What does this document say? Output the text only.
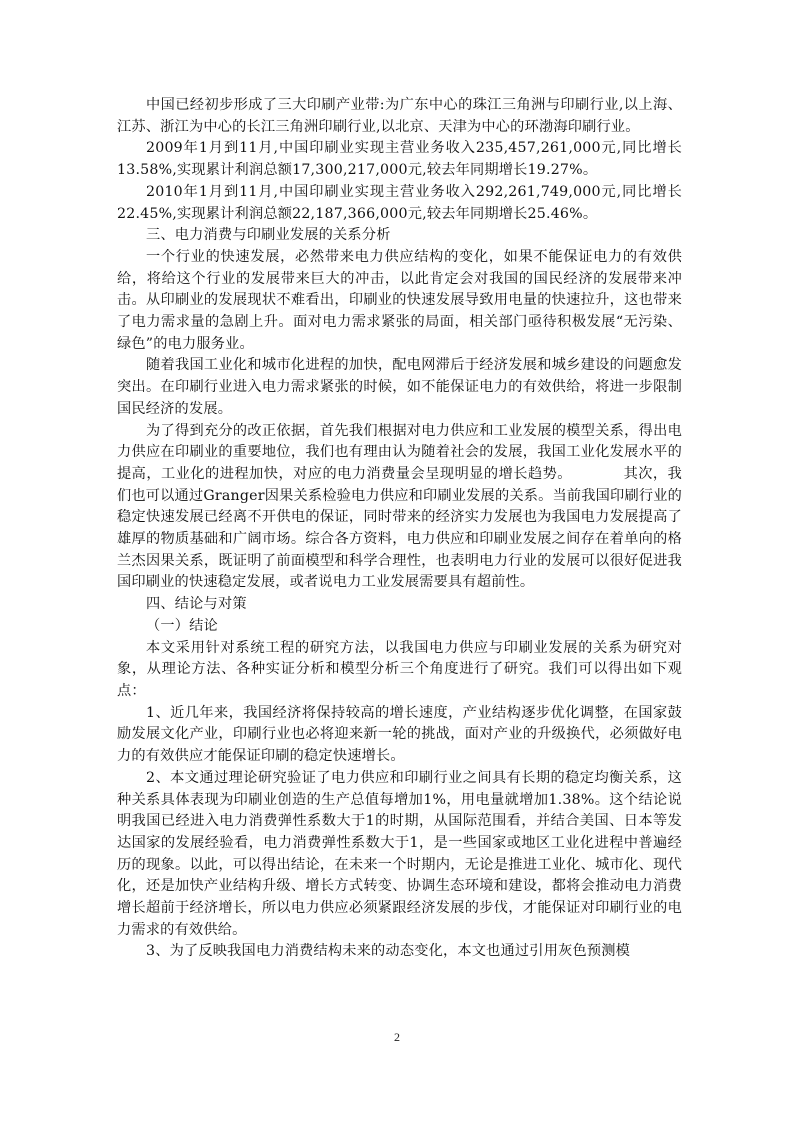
中国已经初步形成了三大印刷产业带:为广东中心的珠江三角洲与印刷行业,以上海、江苏、浙江为中心的长江三角洲印刷行业,以北京、天津为中心的环渤海印刷行业。

2009年1月到11月,中国印刷业实现主营业务收入235,457,261,000元,同比增长13.58%,实现累计利润总额17,300,217,000元,较去年同期增长19.27%。

2010年1月到11月,中国印刷业实现主营业务收入292,261,749,000元,同比增长22.45%,实现累计利润总额22,187,366,000元,较去年同期增长25.46%。

三、电力消费与印刷业发展的关系分析

一个行业的快速发展，必然带来电力供应结构的变化，如果不能保证电力的有效供给，将给这个行业的发展带来巨大的冲击，以此肯定会对我国的国民经济的发展带来冲击。从印刷业的发展现状不难看出，印刷业的快速发展导致用电量的快速拉升，这也带来了电力需求量的急剧上升。面对电力需求紧张的局面，相关部门亟待积极发展“无污染、绿色”的电力服务业。

随着我国工业化和城市化进程的加快，配电网滞后于经济发展和城乡建设的问题愈发突出。在印刷行业进入电力需求紧张的时候，如不能保证电力的有效供给，将进一步限制国民经济的发展。

为了得到充分的改正依据，首先我们根据对电力供应和工业发展的模型关系，得出电力供应在印刷业的重要地位，我们也有理由认为随着社会的发展，我国工业化发展水平的提高，工业化的进程加快，对应的电力消费量会呈现明显的增长趋势。　　　　其次，我们也可以通过Granger因果关系检验电力供应和印刷业发展的关系。当前我国印刷行业的稳定快速发展已经离不开供电的保证，同时带来的经济实力发展也为我国电力发展提高了雄厚的物质基础和广阔市场。综合各方资料，电力供应和印刷业发展之间存在着单向的格兰杰因果关系，既证明了前面模型和科学合理性，也表明电力行业的发展可以很好促进我国印刷业的快速稳定发展，或者说电力工业发展需要具有超前性。

四、结论与对策

（一）结论

本文采用针对系统工程的研究方法，以我国电力供应与印刷业发展的关系为研究对象，从理论方法、各种实证分析和模型分析三个角度进行了研究。我们可以得出如下观点：

1、近几年来，我国经济将保持较高的增长速度，产业结构逐步优化调整，在国家鼓励发展文化产业，印刷行业也必将迎来新一轮的挑战，面对产业的升级换代，必须做好电力的有效供应才能保证印刷的稳定快速增长。

2、本文通过理论研究验证了电力供应和印刷行业之间具有长期的稳定均衡关系，这种关系具体表现为印刷业创造的生产总值每增加1%，用电量就增加1.38%。这个结论说明我国已经进入电力消费弹性系数大于1的时期，从国际范围看，并结合美国、日本等发达国家的发展经验看，电力消费弹性系数大于1，是一些国家或地区工业化进程中普遍经历的现象。以此，可以得出结论，在未来一个时期内，无论是推进工业化、城市化、现代化，还是加快产业结构升级、增长方式转变、协调生态环境和建设，都将会推动电力消费增长超前于经济增长，所以电力供应必须紧跟经济发展的步伐，才能保证对印刷行业的电力需求的有效供给。

3、为了反映我国电力消费结构未来的动态变化，本文也通过引用灰色预测模

2
